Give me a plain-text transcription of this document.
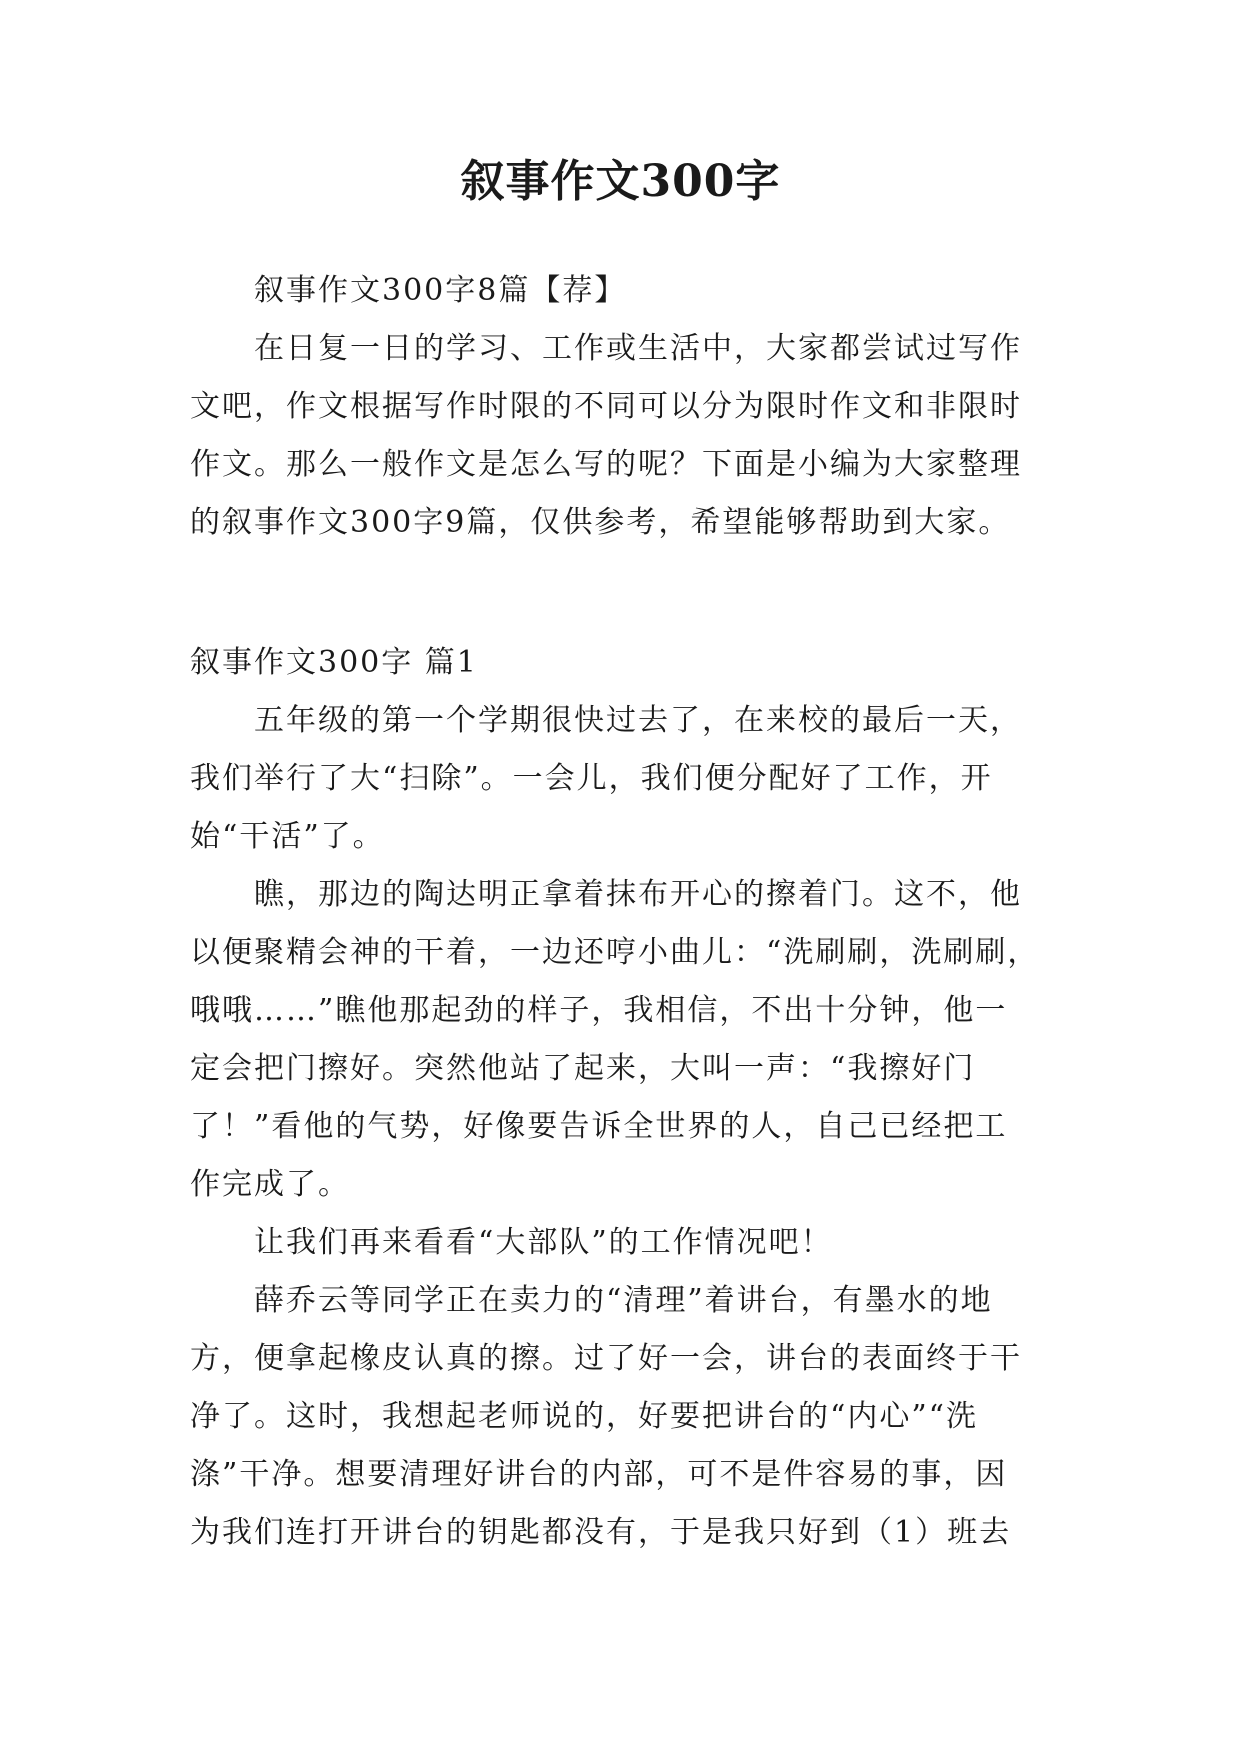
叙事作文300字
叙事作文300字8篇【荐】
在日复一日的学习、工作或生活中，大家都尝试过写作
文吧，作文根据写作时限的不同可以分为限时作文和非限时
作文。那么一般作文是怎么写的呢？下面是小编为大家整理
的叙事作文300字9篇，仅供参考，希望能够帮助到大家。
叙事作文300字 篇1
五年级的第一个学期很快过去了，在来校的最后一天，
我们举行了大“扫除”。一会儿，我们便分配好了工作，开
始“干活”了。
瞧，那边的陶达明正拿着抹布开心的擦着门。这不，他
以便聚精会神的干着，一边还哼小曲儿：“洗刷刷，洗刷刷，
哦哦……”瞧他那起劲的样子，我相信，不出十分钟，他一
定会把门擦好。突然他站了起来，大叫一声：“我擦好门
了！”看他的气势，好像要告诉全世界的人，自己已经把工
作完成了。
让我们再来看看“大部队”的工作情况吧！
薛乔云等同学正在卖力的“清理”着讲台，有墨水的地
方，便拿起橡皮认真的擦。过了好一会，讲台的表面终于干
净了。这时，我想起老师说的，好要把讲台的“内心”“洗
涤”干净。想要清理好讲台的内部，可不是件容易的事，因
为我们连打开讲台的钥匙都没有，于是我只好到（1）班去
